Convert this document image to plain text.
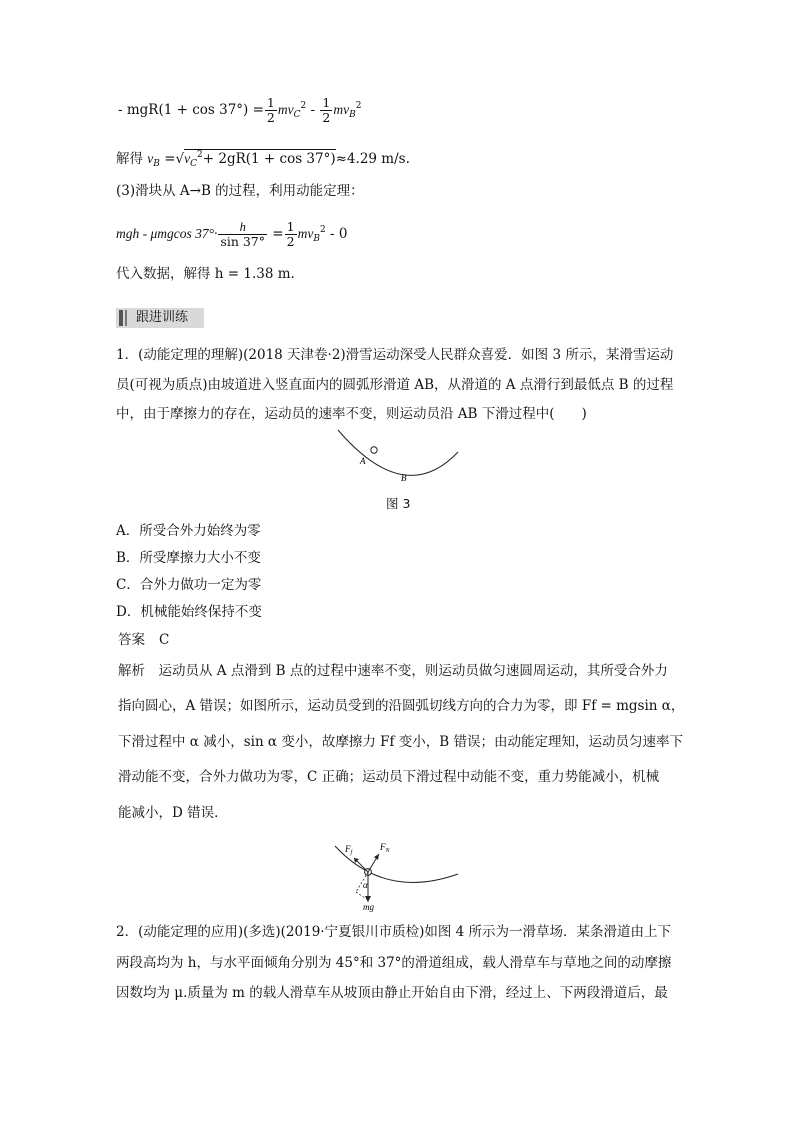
- $mgR(1 + \cos 37^\circ) = \frac{1}{2} mv_C^2 - \frac{1}{2} mv_B^2$
解得 $v_B =√v_C^2+ 2gR(1 + \cos 37^\circ)\approx 4.29$ m/s.
(3)滑块从 A→B 的过程，利用动能定理：
mgh - μmgcos $37^\circ\cdot \frac{h}{\sin 37^\circ} = \frac{1}{2} mv_B^2 - 0$
代入数据，解得 h = 1.38 m.
跟进训练
1．(动能定理的理解)(2018 天津卷·2)滑雪运动深受人民群众喜爱．如图 3 所示，某滑雪运动
员(可视为质点)由坡道进入竖直面内的圆弧形滑道 AB，从滑道的 A 点滑行到最低点 B 的过程
中，由于摩擦力的存在，运动员的速率不变，则运动员沿 AB 下滑过程中(　　)
A
B
图 3
A．所受合外力始终为零
B．所受摩擦力大小不变
C．合外力做功一定为零
D．机械能始终保持不变
答案 C
解析　运动员从 A 点滑到 B 点的过程中速率不变，则运动员做匀速圆周运动，其所受合外力
指向圆心，A 错误；如图所示，运动员受到的沿圆弧切线方向的合力为零，即 Ff = mgsin α，
下滑过程中 α 减小，sin α 变小，故摩擦力 Ff 变小，B 错误；由动能定理知，运动员匀速率下
滑动能不变，合外力做功为零，C 正确；运动员下滑过程中动能不变，重力势能减小，机械
能减小，D 错误．
$F_f$
$F_N$
α
mg
2．(动能定理的应用)(多选)(2019·宁夏银川市质检)如图 4 所示为一滑草场．某条滑道由上下
两段高均为 h，与水平面倾角分别为 45°和 37°的滑道组成，载人滑草车与草地之间的动摩擦
因数均为 μ.质量为 m 的载人滑草车从坡顶由静止开始自由下滑，经过上、下两段滑道后，最
